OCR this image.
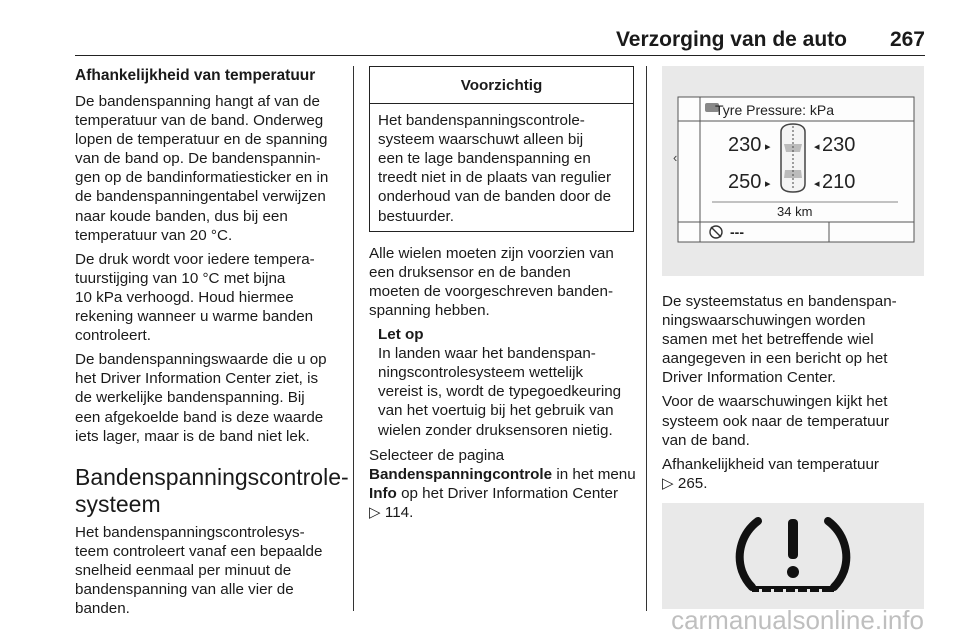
Verzorging van de auto 267
Afhankelijkheid van temperatuur

De bandenspanning hangt af van de
temperatuur van de band. Onderweg
lopen de temperatuur en de spanning
van de band op. De bandenspannin-
gen op de bandinformatiesticker en in
de bandenspanningentabel verwijzen
naar koude banden, dus bij een
temperatuur van 20 °C.

De druk wordt voor iedere tempera-
tuurstijging van 10 °C met bijna
10 kPa verhoogd. Houd hiermee
rekening wanneer u warme banden
controleert.

De bandenspanningswaarde die u op
het Driver Information Center ziet, is
de werkelijke bandenspanning. Bij
een afgekoelde band is deze waarde
iets lager, maar is de band niet lek.

Bandenspanningscontrole-
systeem

Het bandenspanningscontrolesys-
teem controleert vanaf een bepaalde
snelheid eenmaal per minuut de
bandenspanning van alle vier de
banden.

Voorzichtig

Het bandenspanningscontrole-
systeem waarschuwt alleen bij
een te lage bandenspanning en
treedt niet in de plaats van regulier
onderhoud van de banden door de
bestuurder.

Alle wielen moeten zijn voorzien van
een druksensor en de banden
moeten de voorgeschreven banden-
spanning hebben.

Let op

In landen waar het bandenspan-
ningscontrolesysteem wettelijk
vereist is, wordt de typegoedkeuring
van het voertuig bij het gebruik van
wielen zonder druksensoren nietig.

Selecteer de pagina
Bandenspanningcontrole in het menu
Info op het Driver Information Center
▷ 114.

‹
Tyre Pressure: kPa
230 ▸	◂ 230
250 ▸	◂ 210
34 km
---

De systeemstatus en bandenspan-
ningswaarschuwingen worden
samen met het betreffende wiel
aangegeven in een bericht op het
Driver Information Center.

Voor de waarschuwingen kijkt het
systeem ook naar de temperatuur
van de band.

Afhankelijkheid van temperatuur
▷ 265.

carmanualsonline.info
